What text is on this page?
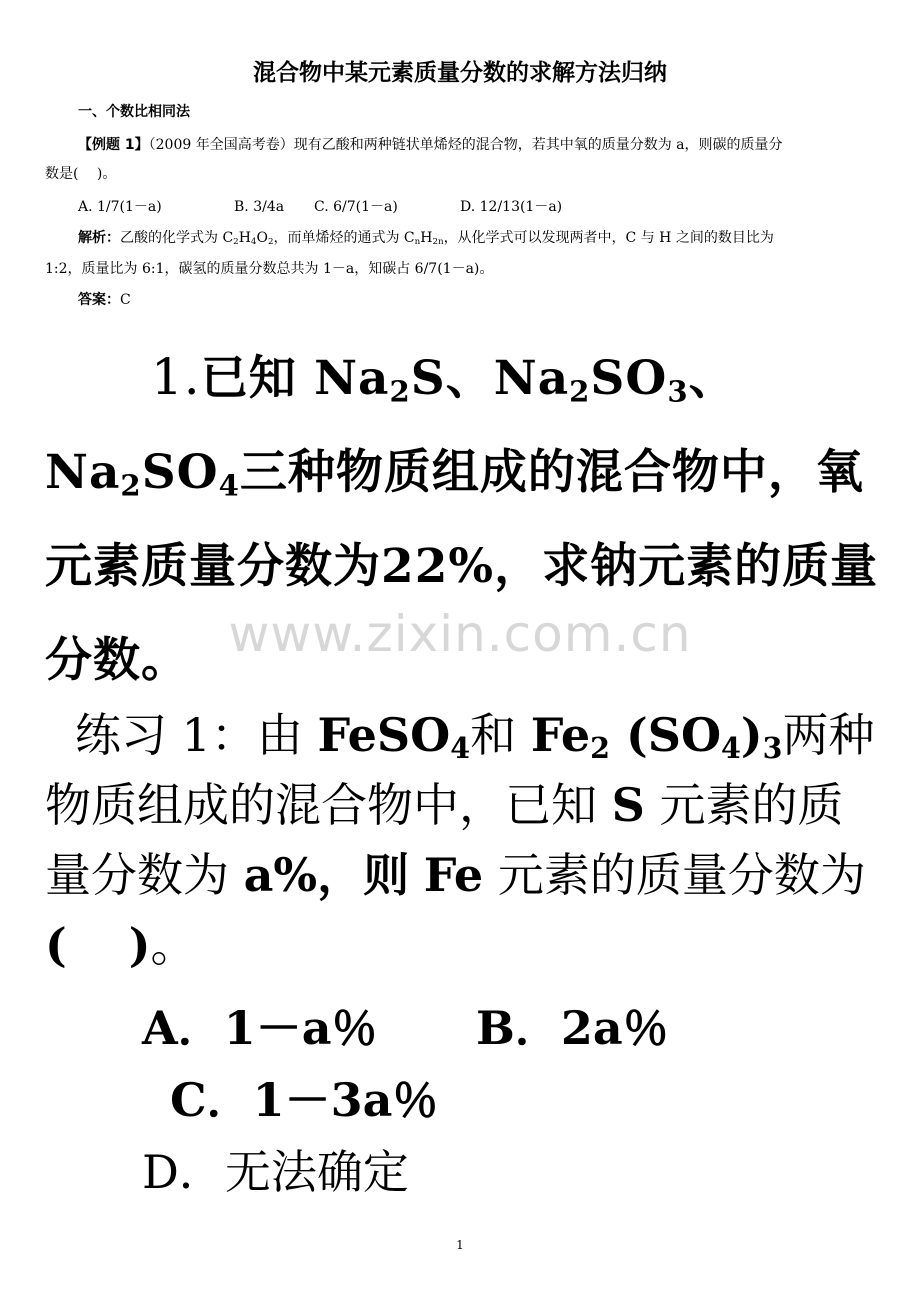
混合物中某元素质量分数的求解方法归纳
一、个数比相同法
【例题 1】（2009 年全国高考卷）现有乙酸和两种链状单烯烃的混合物，若其中氧的质量分数为 a，则碳的质量分
数是(　 )。
A. 1/7(1－a)	B. 3/4a C. 6/7(1－a)	D. 12/13(1－a)
解析：乙酸的化学式为 $C_2H_4O_2$，而单烯烃的通式为 $C_nH_{2n}$，从化学式可以发现两者中，C 与 H 之间的数目比为
1:2，质量比为 6:1，碳氢的质量分数总共为 1－a，知碳占 6/7(1－a)。
答案：C
1.已知 $Na_2S$、$Na_2SO_3$、$Na_2SO_4$三种物质组成的混合物中，氧元素质量分数为22%，求钠元素的质量分数。 www.zixin.com.cn
练习 1：由 FeSO$_4$和 $Fe_2$ $(SO_4)_3$两种物质组成的混合物中，已知 S 元素的质量分数为 a%，则 Fe 元素的质量分数为(　 )。
A．1－a％ B．2a％
C．1－3a％
D．无法确定
1
